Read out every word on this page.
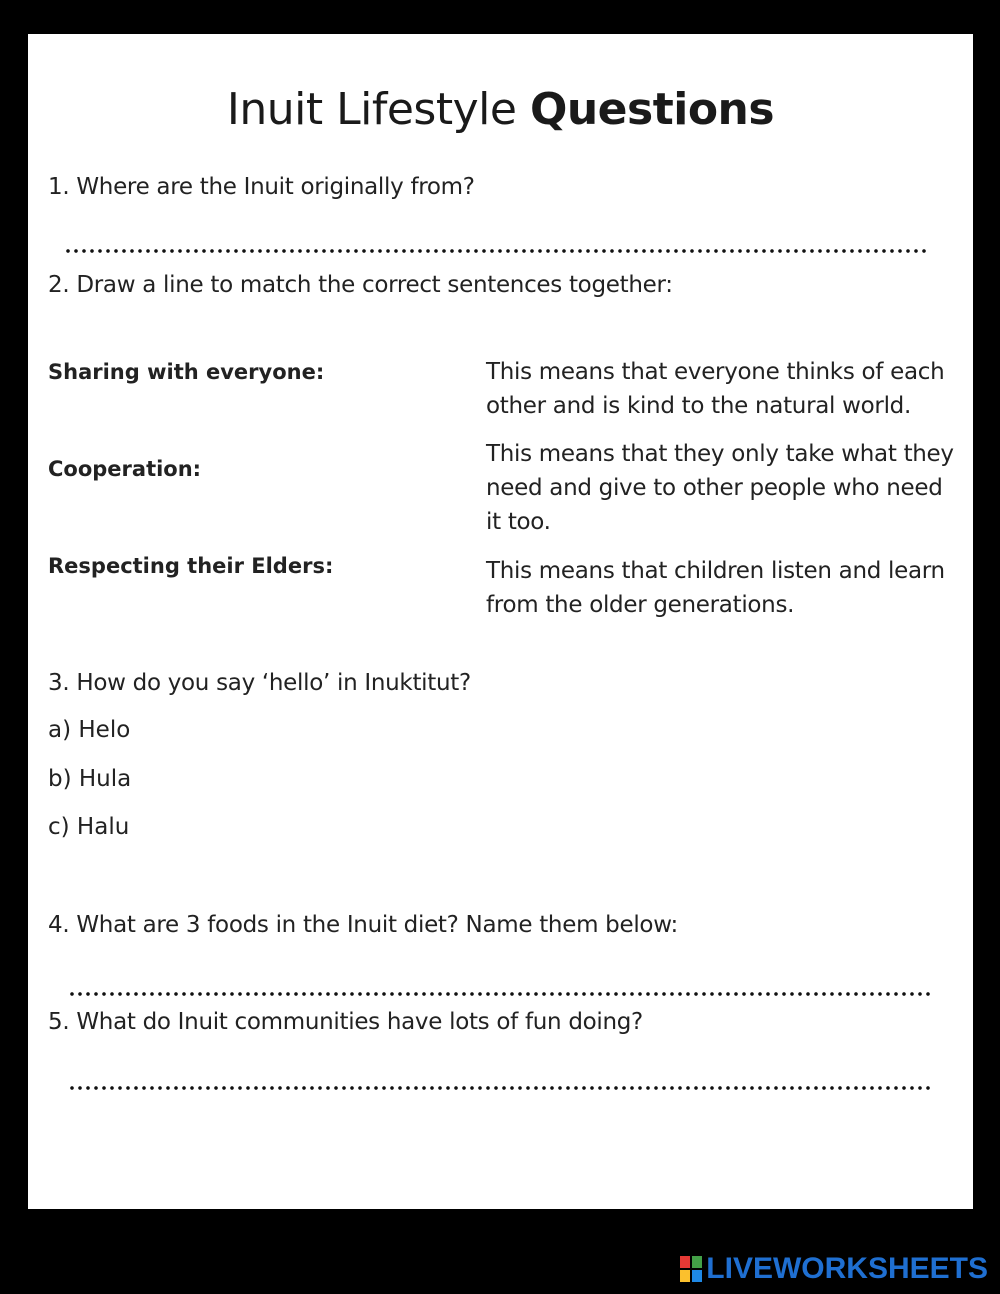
Inuit Lifestyle Questions
1. Where are the Inuit originally from?
2. Draw a line to match the correct sentences together:
Sharing with everyone:
Cooperation:
Respecting their Elders:
This means that everyone thinks of each other and is kind to the natural world.
This means that they only take what they need and give to other people who need it too.
This means that children listen and learn from the older generations.
3. How do you say ‘hello’ in Inuktitut?
a) Helo
b) Hula
c) Halu
4. What are 3 foods in the Inuit diet? Name them below:
5. What do Inuit communities have lots of fun doing?
LIVEWORKSHEETS
